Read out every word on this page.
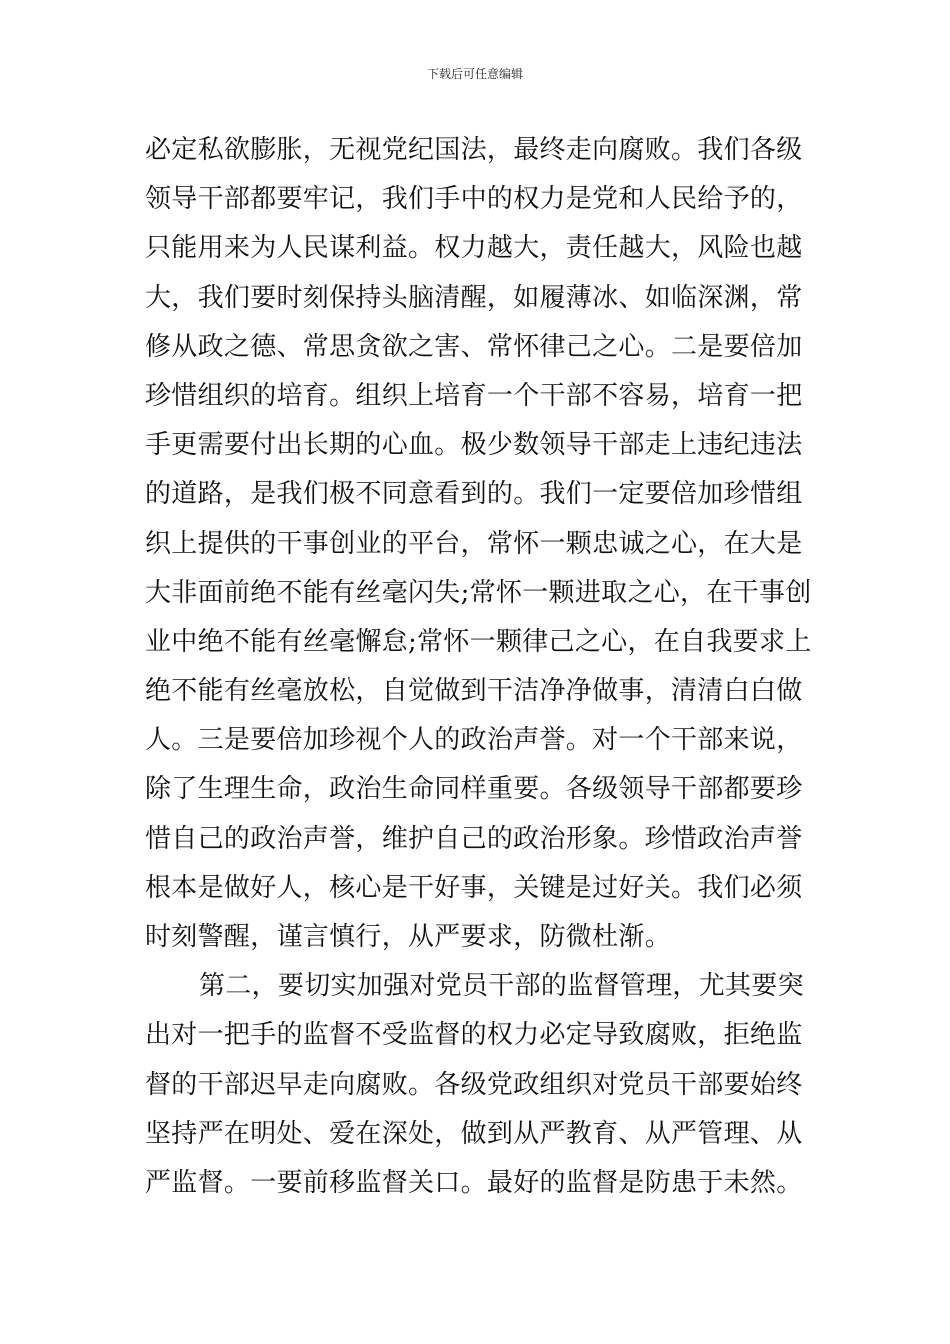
下载后可任意编辑
必定私欲膨胀，无视党纪国法，最终走向腐败。我们各级
领导干部都要牢记，我们手中的权力是党和人民给予的，
只能用来为人民谋利益。权力越大，责任越大，风险也越
大，我们要时刻保持头脑清醒，如履薄冰、如临深渊，常
修从政之德、常思贪欲之害、常怀律己之心。二是要倍加
珍惜组织的培育。组织上培育一个干部不容易，培育一把
手更需要付出长期的心血。极少数领导干部走上违纪违法
的道路，是我们极不同意看到的。我们一定要倍加珍惜组
织上提供的干事创业的平台，常怀一颗忠诚之心，在大是
大非面前绝不能有丝毫闪失;常怀一颗进取之心，在干事创
业中绝不能有丝毫懈怠;常怀一颗律己之心，在自我要求上
绝不能有丝毫放松，自觉做到干洁净净做事，清清白白做
人。三是要倍加珍视个人的政治声誉。对一个干部来说，
除了生理生命，政治生命同样重要。各级领导干部都要珍
惜自己的政治声誉，维护自己的政治形象。珍惜政治声誉
根本是做好人，核心是干好事，关键是过好关。我们必须
时刻警醒，谨言慎行，从严要求，防微杜渐。
第二，要切实加强对党员干部的监督管理，尤其要突
出对一把手的监督不受监督的权力必定导致腐败，拒绝监
督的干部迟早走向腐败。各级党政组织对党员干部要始终
坚持严在明处、爱在深处，做到从严教育、从严管理、从
严监督。一要前移监督关口。最好的监督是防患于未然。
